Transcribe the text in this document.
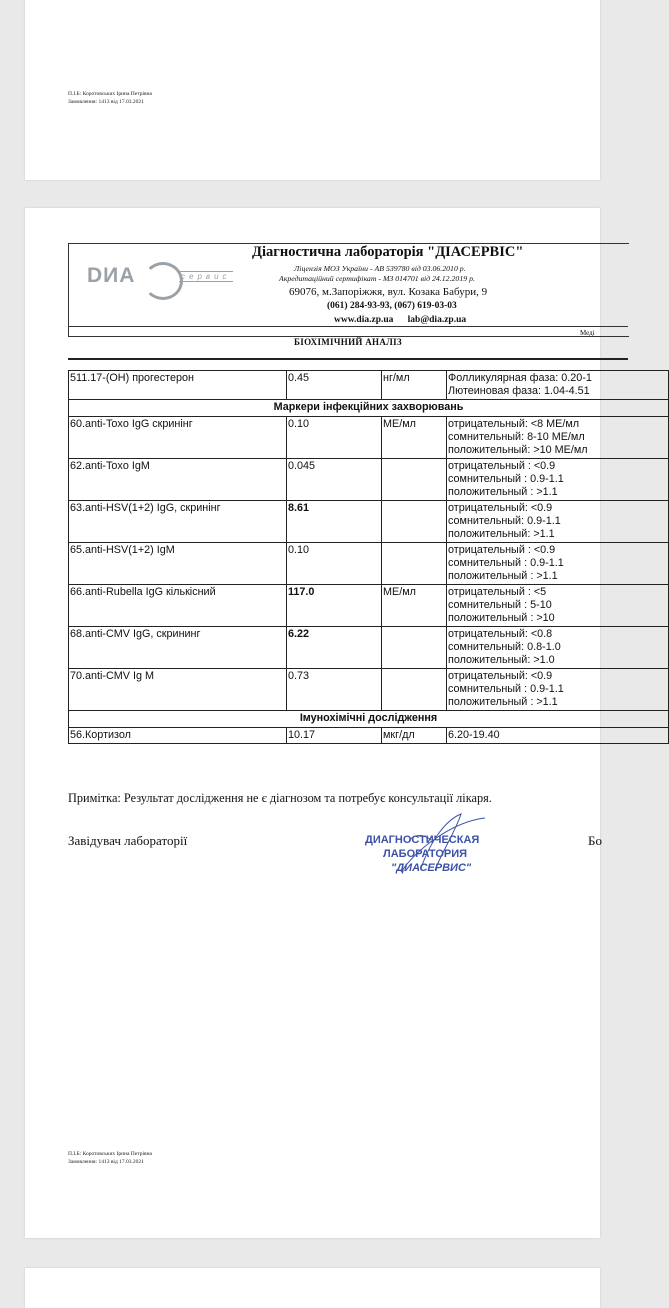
П.І.Б: Коротовських Ірина Петрівна
Замовлення: 1413 від 17.03.2021
DИA	сервис
Діагностична лабораторія "ДІАСЕРВІС"
Ліцензія МОЗ України - АВ 539780 від 03.06.2010 р.
Акредитаційний сертифікат - МЗ 014701 від 24.12.2019 р.
69076, м.Запоріжжя, вул. Козака Бабури, 9
(061) 284-93-93, (067) 619-03-03
www.dia.zp.ua lab@dia.zp.ua
Меді
БІОХІМІЧНИЙ АНАЛІЗ
511.17-(ОН) прогестерон	0.45	нг/мл	Фолликулярная фаза: 0.20-1
Лютеиновая фаза: 1.04-4.51

Маркери інфекційних захворювань			
60.anti-Toxo IgG скринінг	0.10	МЕ/мл	отрицательный: <8 МЕ/мл
сомнительный: 8-10 МЕ/мл
положительный: >10 МЕ/мл

62.anti-Toxo IgM	0.045		отрицательный : <0.9
сомнительный : 0.9-1.1
положительный : >1.1

63.anti-HSV(1+2) IgG, скринінг	8.61		отрицательный: <0.9
сомнительный: 0.9-1.1
положительный: >1.1

65.anti-HSV(1+2) IgM	0.10		отрицательный : <0.9
сомнительный : 0.9-1.1
положительный : >1.1

66.anti-Rubella IgG кількісний	117.0	МЕ/мл	отрицательный : <5
сомнительный : 5-10
положительный : >10

68.anti-CMV IgG, скрининг	6.22		отрицательный: <0.8
сомнительный: 0.8-1.0
положительный: >1.0

70.anti-CMV Ig M	0.73		отрицательный: <0.9
сомнительный : 0.9-1.1
положительный : >1.1

Імунохімічні дослідження			
56.Кортизол	10.17	мкг/дл	6.20-19.40
Примітка: Результат дослідження не є діагнозом та потребує консультації лікаря.
Завідувач лабораторії	Бо
ДИАГНОСТИЧЕСКАЯ
ЛАБОРАТОРИЯ
"ДИАСЕРВИС"
П.І.Б: Коротовських Ірина Петрівна
Замовлення: 1413 від 17.03.2021
